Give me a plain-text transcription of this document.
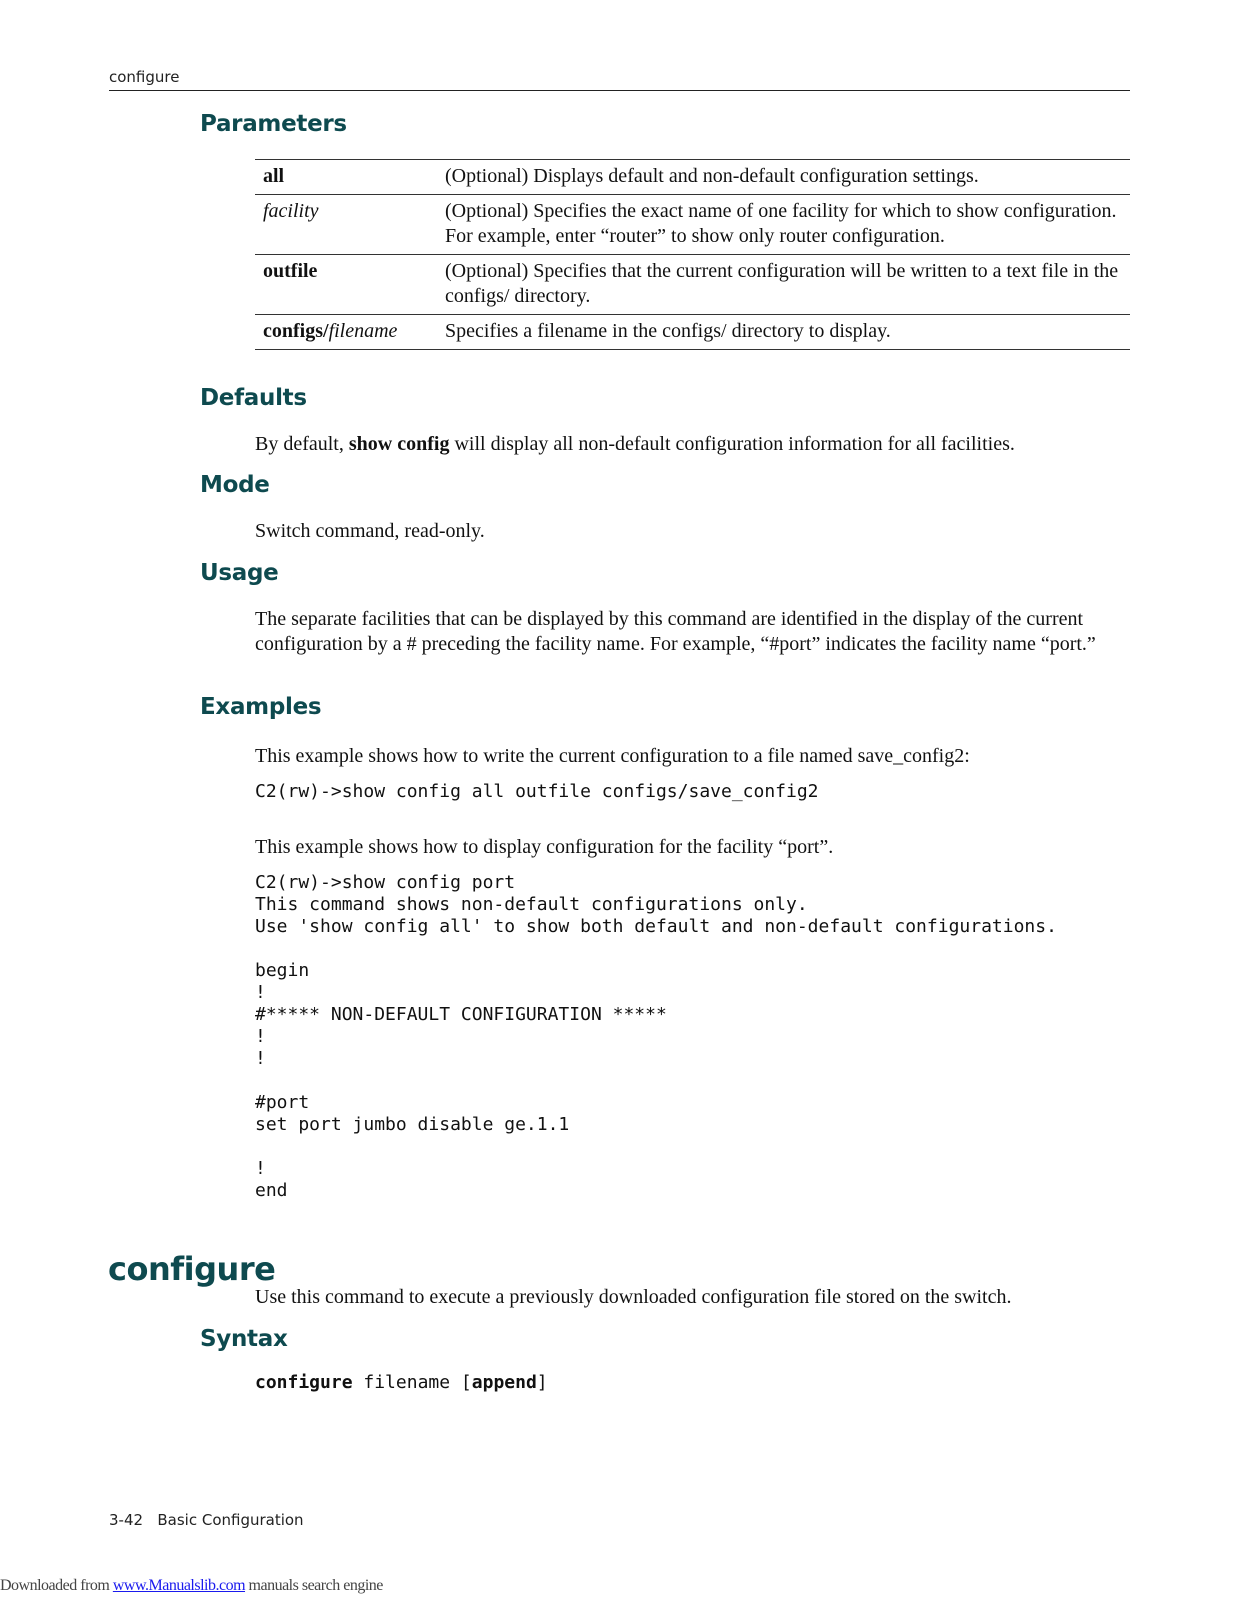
configure
Parameters
all	(Optional) Displays default and non-default configuration settings.
facility	(Optional) Specifies the exact name of one facility for which to show configuration. For example, enter “router” to show only router configuration.
outfile	(Optional) Specifies that the current configuration will be written to a text file in the configs/ directory.
configs/filename	Specifies a filename in the configs/ directory to display.
Defaults

By default, show config will display all non-default configuration information for all facilities.

Mode

Switch command, read-only.

Usage

The separate facilities that can be displayed by this command are identified in the display of the current configuration by a # preceding the facility name. For example, “#port” indicates the facility name “port.”

Examples

This example shows how to write the current configuration to a file named save_config2:

C2(rw)->show config all outfile configs/save_config2

This example shows how to display configuration for the facility “port”.

C2(rw)->show config port
This command shows non-default configurations only.
Use 'show config all' to show both default and non-default configurations.

begin
!
#***** NON-DEFAULT CONFIGURATION *****
!
!

#port
set port jumbo disable ge.1.1

!
end
configure

Use this command to execute a previously downloaded configuration file stored on the switch.

Syntax
configure filename [append]
3-42 Basic Configuration
Downloaded from www.Manualslib.com manuals search engine
